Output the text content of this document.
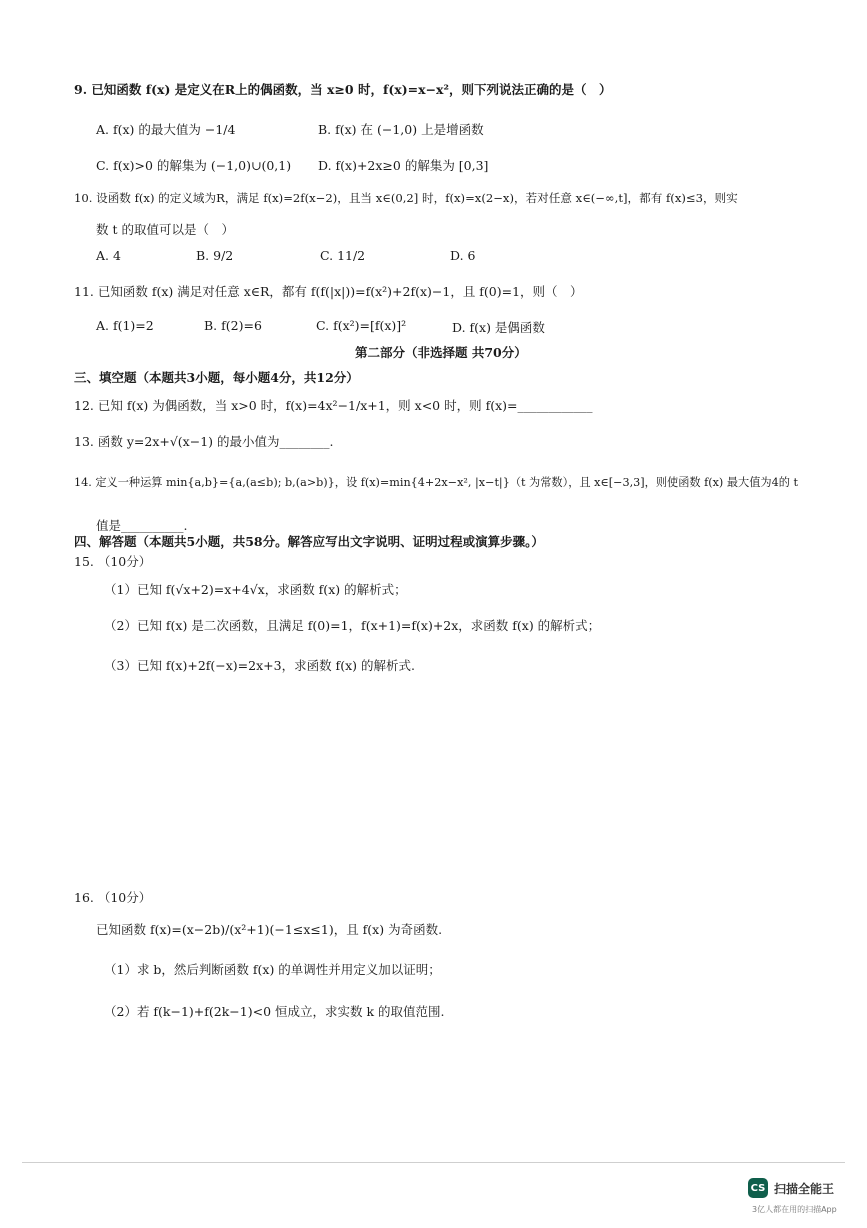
9. 已知函数 f(x) 是定义在R上的偶函数，当 x≥0 时，f(x)=x−x²，则下列说法正确的是（　）
A. f(x) 的最大值为 −1/4	B. f(x) 在 (−1,0) 上是增函数
C. f(x)>0 的解集为 (−1,0)∪(0,1) D. f(x)+2x≥0 的解集为 [0,3]
10. 设函数 f(x) 的定义域为R，满足 f(x)=2f(x−2)，且当 x∈(0,2] 时，f(x)=x(2−x)，若对任意 x∈(−∞,t]，都有 f(x)≤3，则实
数 t 的取值可以是（　）
A. 4	B. 9/2	C. 11/2	D. 6
11. 已知函数 f(x) 满足对任意 x∈R，都有 f(f(|x|))=f(x²)+2f(x)−1，且 f(0)=1，则（　）
A. f(1)=2	B. f(2)=6	C. f(x²)=[f(x)]²	D. f(x) 是偶函数
第二部分（非选择题 共70分）
三、填空题（本题共3小题，每小题4分，共12分）
12. 已知 f(x) 为偶函数，当 x>0 时，f(x)=4x²−1/x+1，则 x<0 时，则 f(x)=____________
13. 函数 y=2x+√(x−1) 的最小值为________.
14. 定义一种运算 min{a,b}={a,(a≤b); b,(a>b)}，设 f(x)=min{4+2x−x², |x−t|}（t 为常数），且 x∈[−3,3]，则使函数 f(x) 最大值为4的 t
值是__________.
四、解答题（本题共5小题，共58分。解答应写出文字说明、证明过程或演算步骤。）
15. （10分）
（1）已知 f(√x+2)=x+4√x，求函数 f(x) 的解析式；
（2）已知 f(x) 是二次函数，且满足 f(0)=1，f(x+1)=f(x)+2x，求函数 f(x) 的解析式；
（3）已知 f(x)+2f(−x)=2x+3，求函数 f(x) 的解析式.
16. （10分）
已知函数 f(x)=(x−2b)/(x²+1)(−1≤x≤1)，且 f(x) 为奇函数.
（1）求 b，然后判断函数 f(x) 的单调性并用定义加以证明；
（2）若 f(k−1)+f(2k−1)<0 恒成立，求实数 k 的取值范围.
CS 扫描全能王
3亿人都在用的扫描App
